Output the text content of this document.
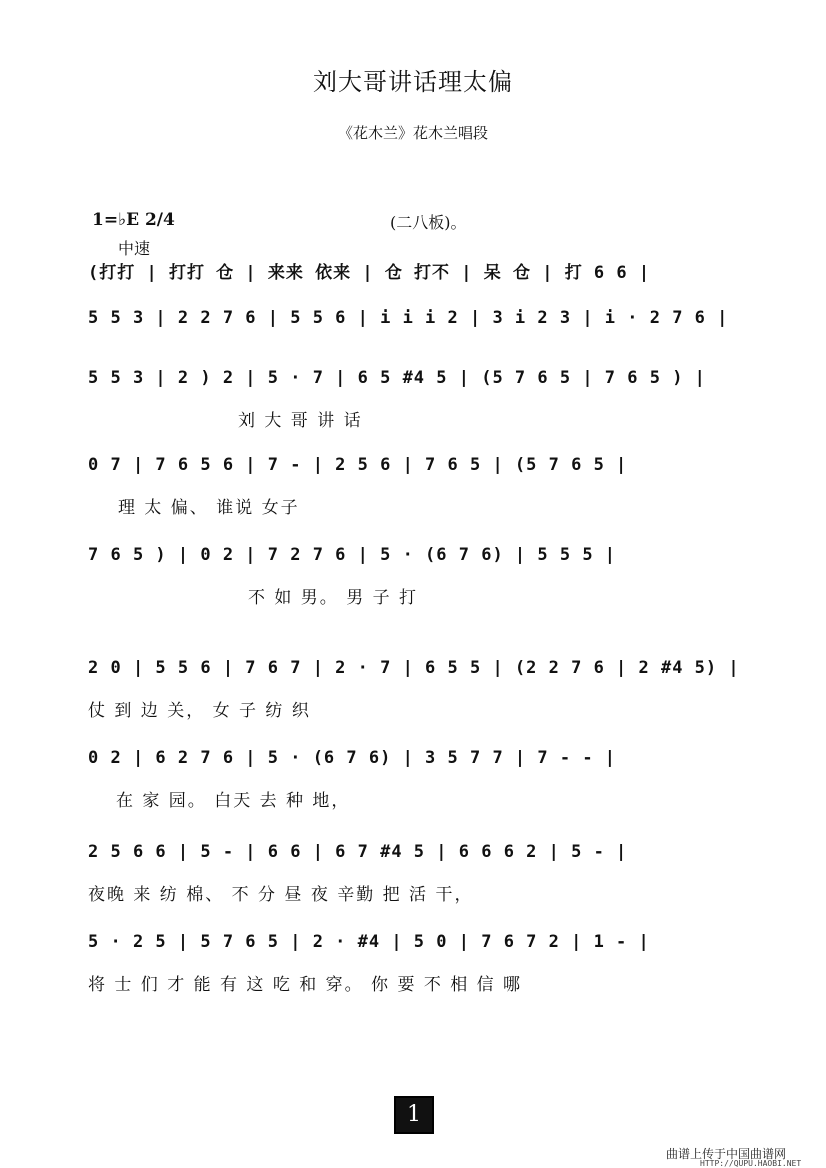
刘大哥讲话理太偏
《花木兰》花木兰唱段
1=♭E 2/4	(二八板)。
中速
(打打 | 打打 仓 | 来来 依来 | 仓 打不 | 呆 仓 | 打 6 6 |
5 5 3 | 2 2 7 6 | 5 5 6 | i i i 2 | 3 i 2 3 | i · 2 7 6 |
5 5 3 | 2 ) 2 | 5 · 7 | 6 5 #4 5 | (5 7 6 5 | 7 6 5 ) |
刘 大 哥 讲 话
0 7 | 7 6 5 6 | 7 - | 2 5 6 | 7 6 5 | (5 7 6 5 |
理 太 偏、 谁说 女子
7 6 5 ) | 0 2 | 7 2 7 6 | 5 · (6 7 6) | 5 5 5 |
不 如 男。 男 子 打
2 0 | 5 5 6 | 7 6 7 | 2 · 7 | 6 5 5 | (2 2 7 6 | 2 #4 5) |
仗 到 边 关， 女 子 纺 织
0 2 | 6 2 7 6 | 5 · (6 7 6) | 3 5 7 7 | 7 - - |
在 家 园。 白天 去 种 地，
2 5 6 6 | 5 - | 6 6 | 6 7 #4 5 | 6 6 6 2 | 5 - |
夜晚 来 纺 棉、 不 分 昼 夜 辛勤 把 活 干，
5 · 2 5 | 5 7 6 5 | 2 · #4 | 5 0 | 7 6 7 2 | 1 - |
将 士 们 才 能 有 这 吃 和 穿。 你 要 不 相 信 哪
1
曲谱上传于中国曲谱网
HTTP://QUPU.HAOBI.NET
